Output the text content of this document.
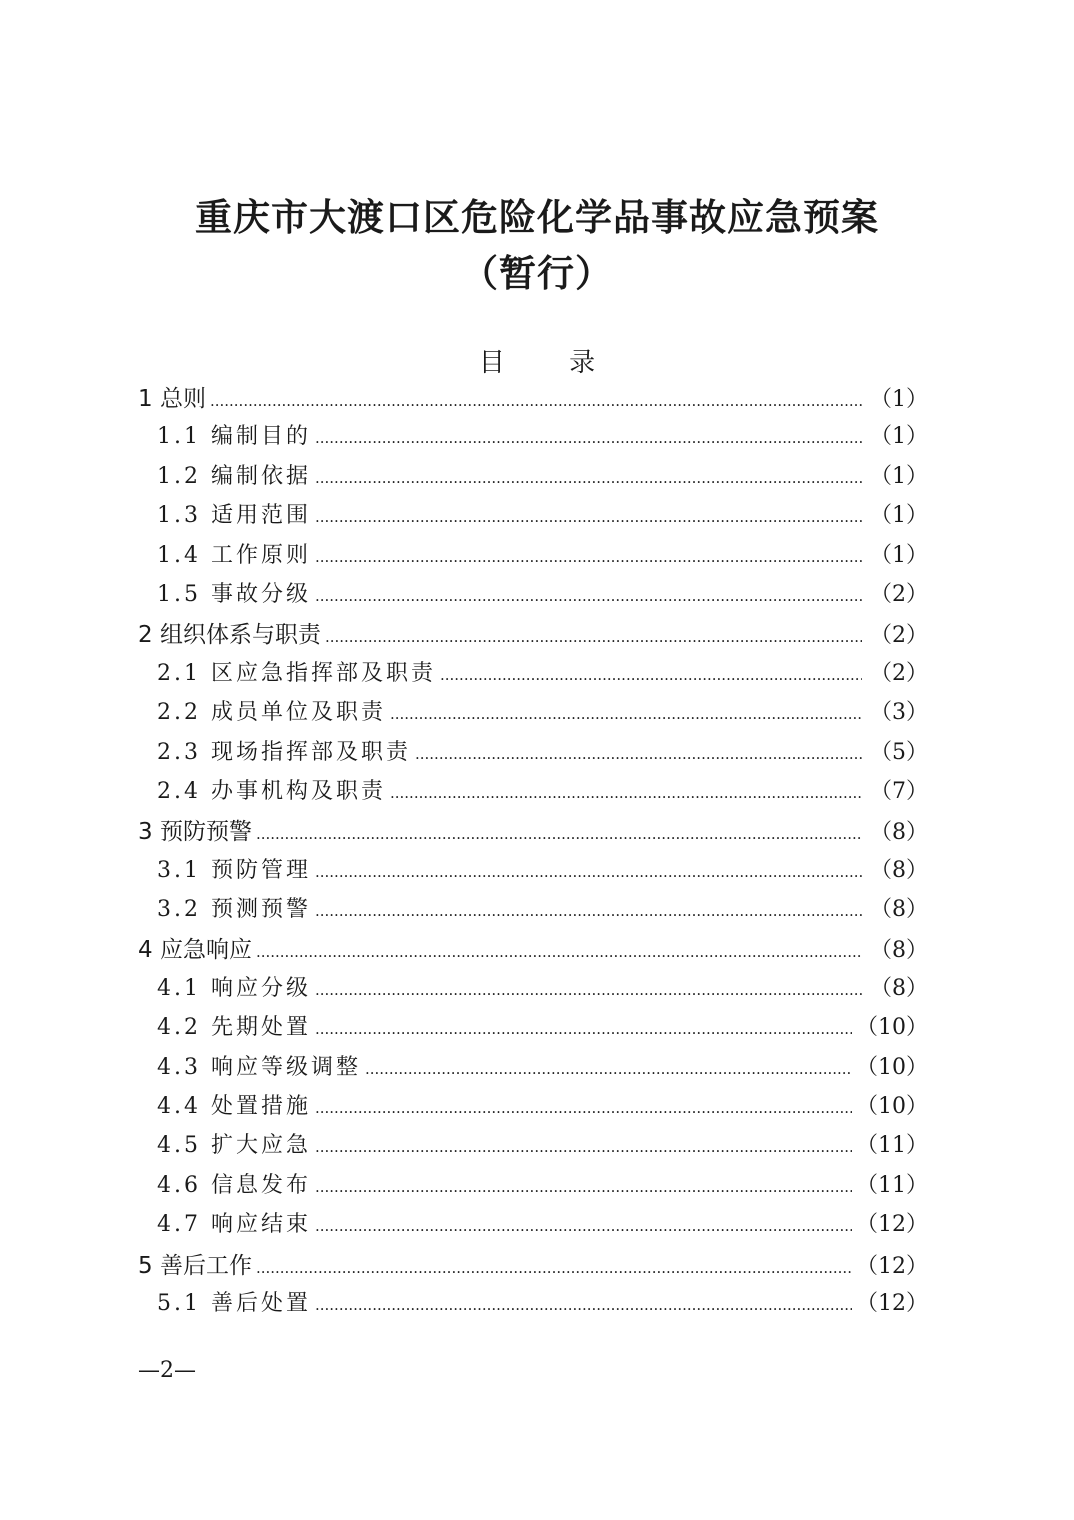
重庆市大渡口区危险化学品事故应急预案
（暂行）
目 录
1 总则 .....	（1）
1.1 编制目的 .....	（1）
1.2 编制依据 .....	（1）
1.3 适用范围 .....	（1）
1.4 工作原则 .....	（1）
1.5 事故分级 .....	（2）
2 组织体系与职责 .....	（2）
2.1 区应急指挥部及职责 .....	（2）
2.2 成员单位及职责 .....	（3）
2.3 现场指挥部及职责 .....	（5）
2.4 办事机构及职责 .....	（7）
3 预防预警 .....	（8）
3.1 预防管理 .....	（8）
3.2 预测预警 .....	（8）
4 应急响应 .....	（8）
4.1 响应分级 .....	（8）
4.2 先期处置 .....	（10）
4.3 响应等级调整 .....	（10）
4.4 处置措施 .....	（10）
4.5 扩大应急 .....	（11）
4.6 信息发布 .....	（11）
4.7 响应结束 .....	（12）
5 善后工作 .....	（12）
5.1 善后处置 .....	（12）
—2—
